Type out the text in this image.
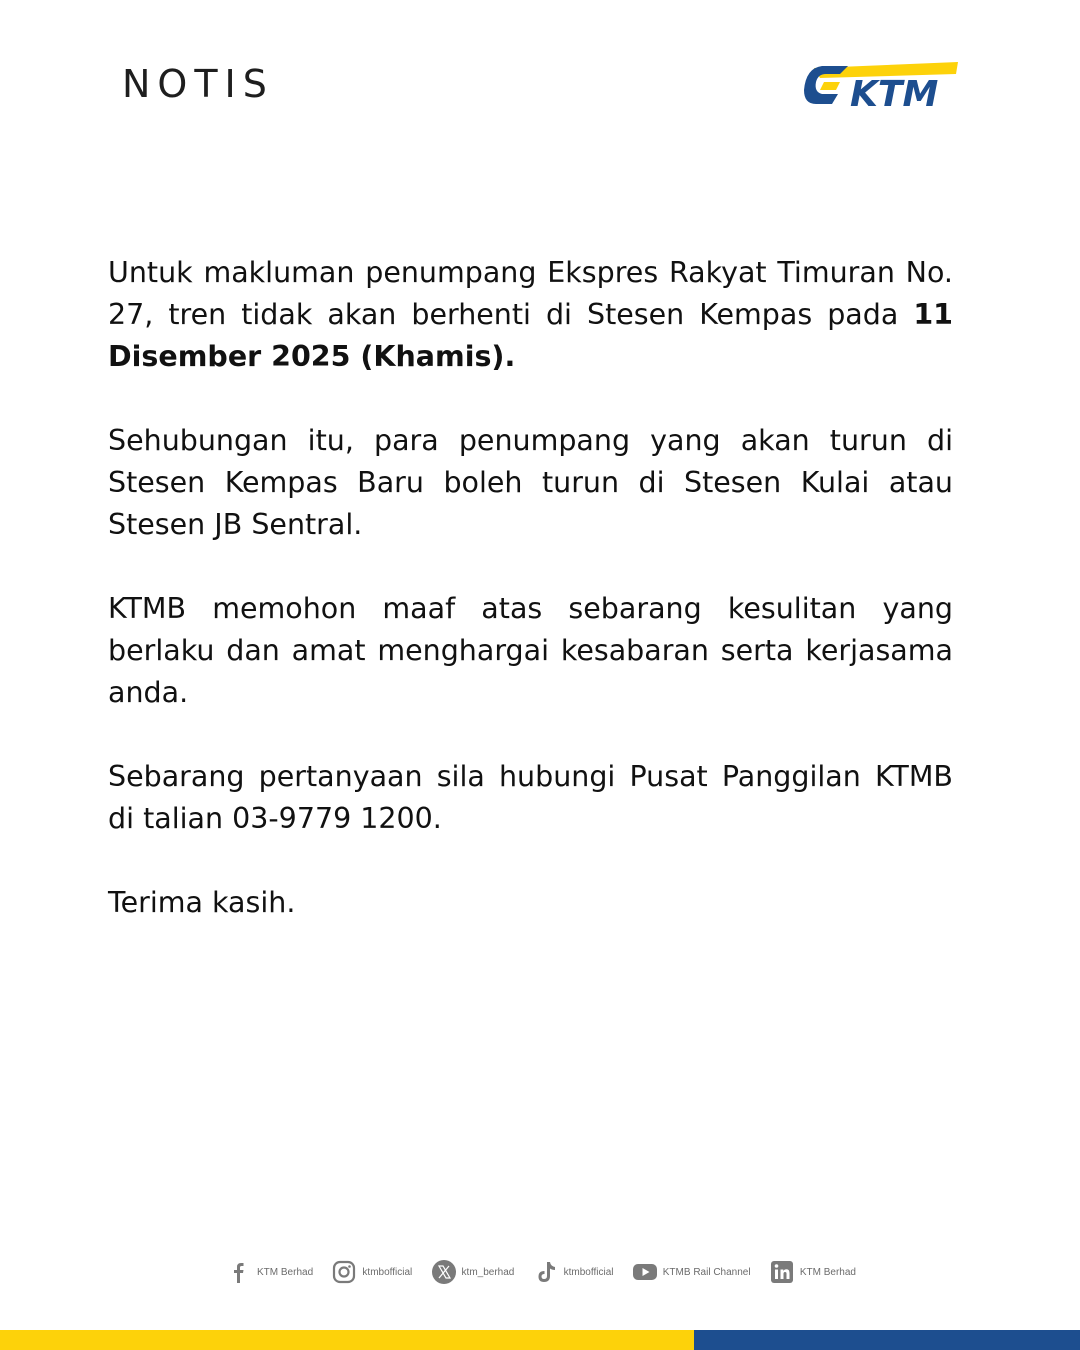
NOTIS	KTM

Untuk makluman penumpang Ekspres Rakyat Timuran No. 27, tren tidak akan berhenti di Stesen Kempas pada 11 Disember 2025 (Khamis).

Sehubungan itu, para penumpang yang akan turun di Stesen Kempas Baru boleh turun di Stesen Kulai atau Stesen JB Sentral.

KTMB memohon maaf atas sebarang kesulitan yang berlaku dan amat menghargai kesabaran serta kerjasama anda.

Sebarang pertanyaan sila hubungi Pusat Panggilan KTMB di talian 03-9779 1200.

Terima kasih.

KTM Berhad	ktmbofficial	ktm_berhad	ktmbofficial	KTMB Rail Channel	KTM Berhad
